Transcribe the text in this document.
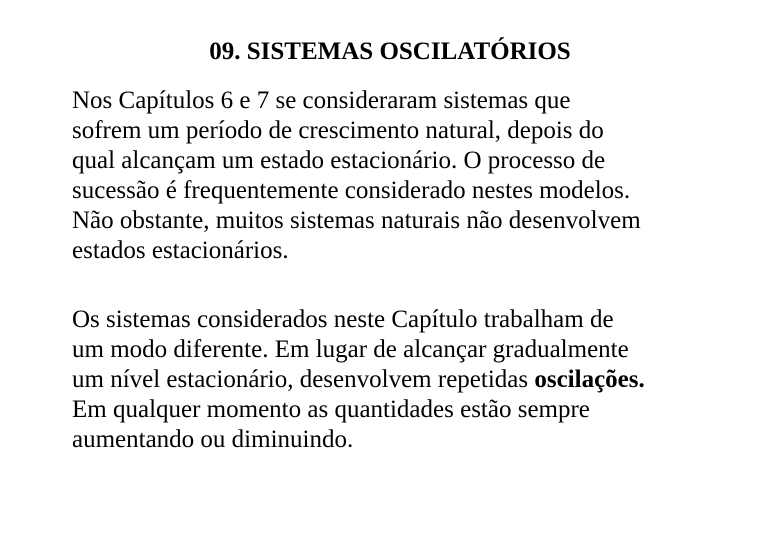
09. SISTEMAS OSCILATÓRIOS
Nos Capítulos 6 e 7 se consideraram sistemas que
sofrem um período de crescimento natural, depois do
qual alcançam um estado estacionário. O processo de
sucessão é frequentemente considerado nestes modelos.
Não obstante, muitos sistemas naturais não desenvolvem
estados estacionários.
Os sistemas considerados neste Capítulo trabalham de
um modo diferente. Em lugar de alcançar gradualmente
um nível estacionário, desenvolvem repetidas oscilações.
Em qualquer momento as quantidades estão sempre
aumentando ou diminuindo.
